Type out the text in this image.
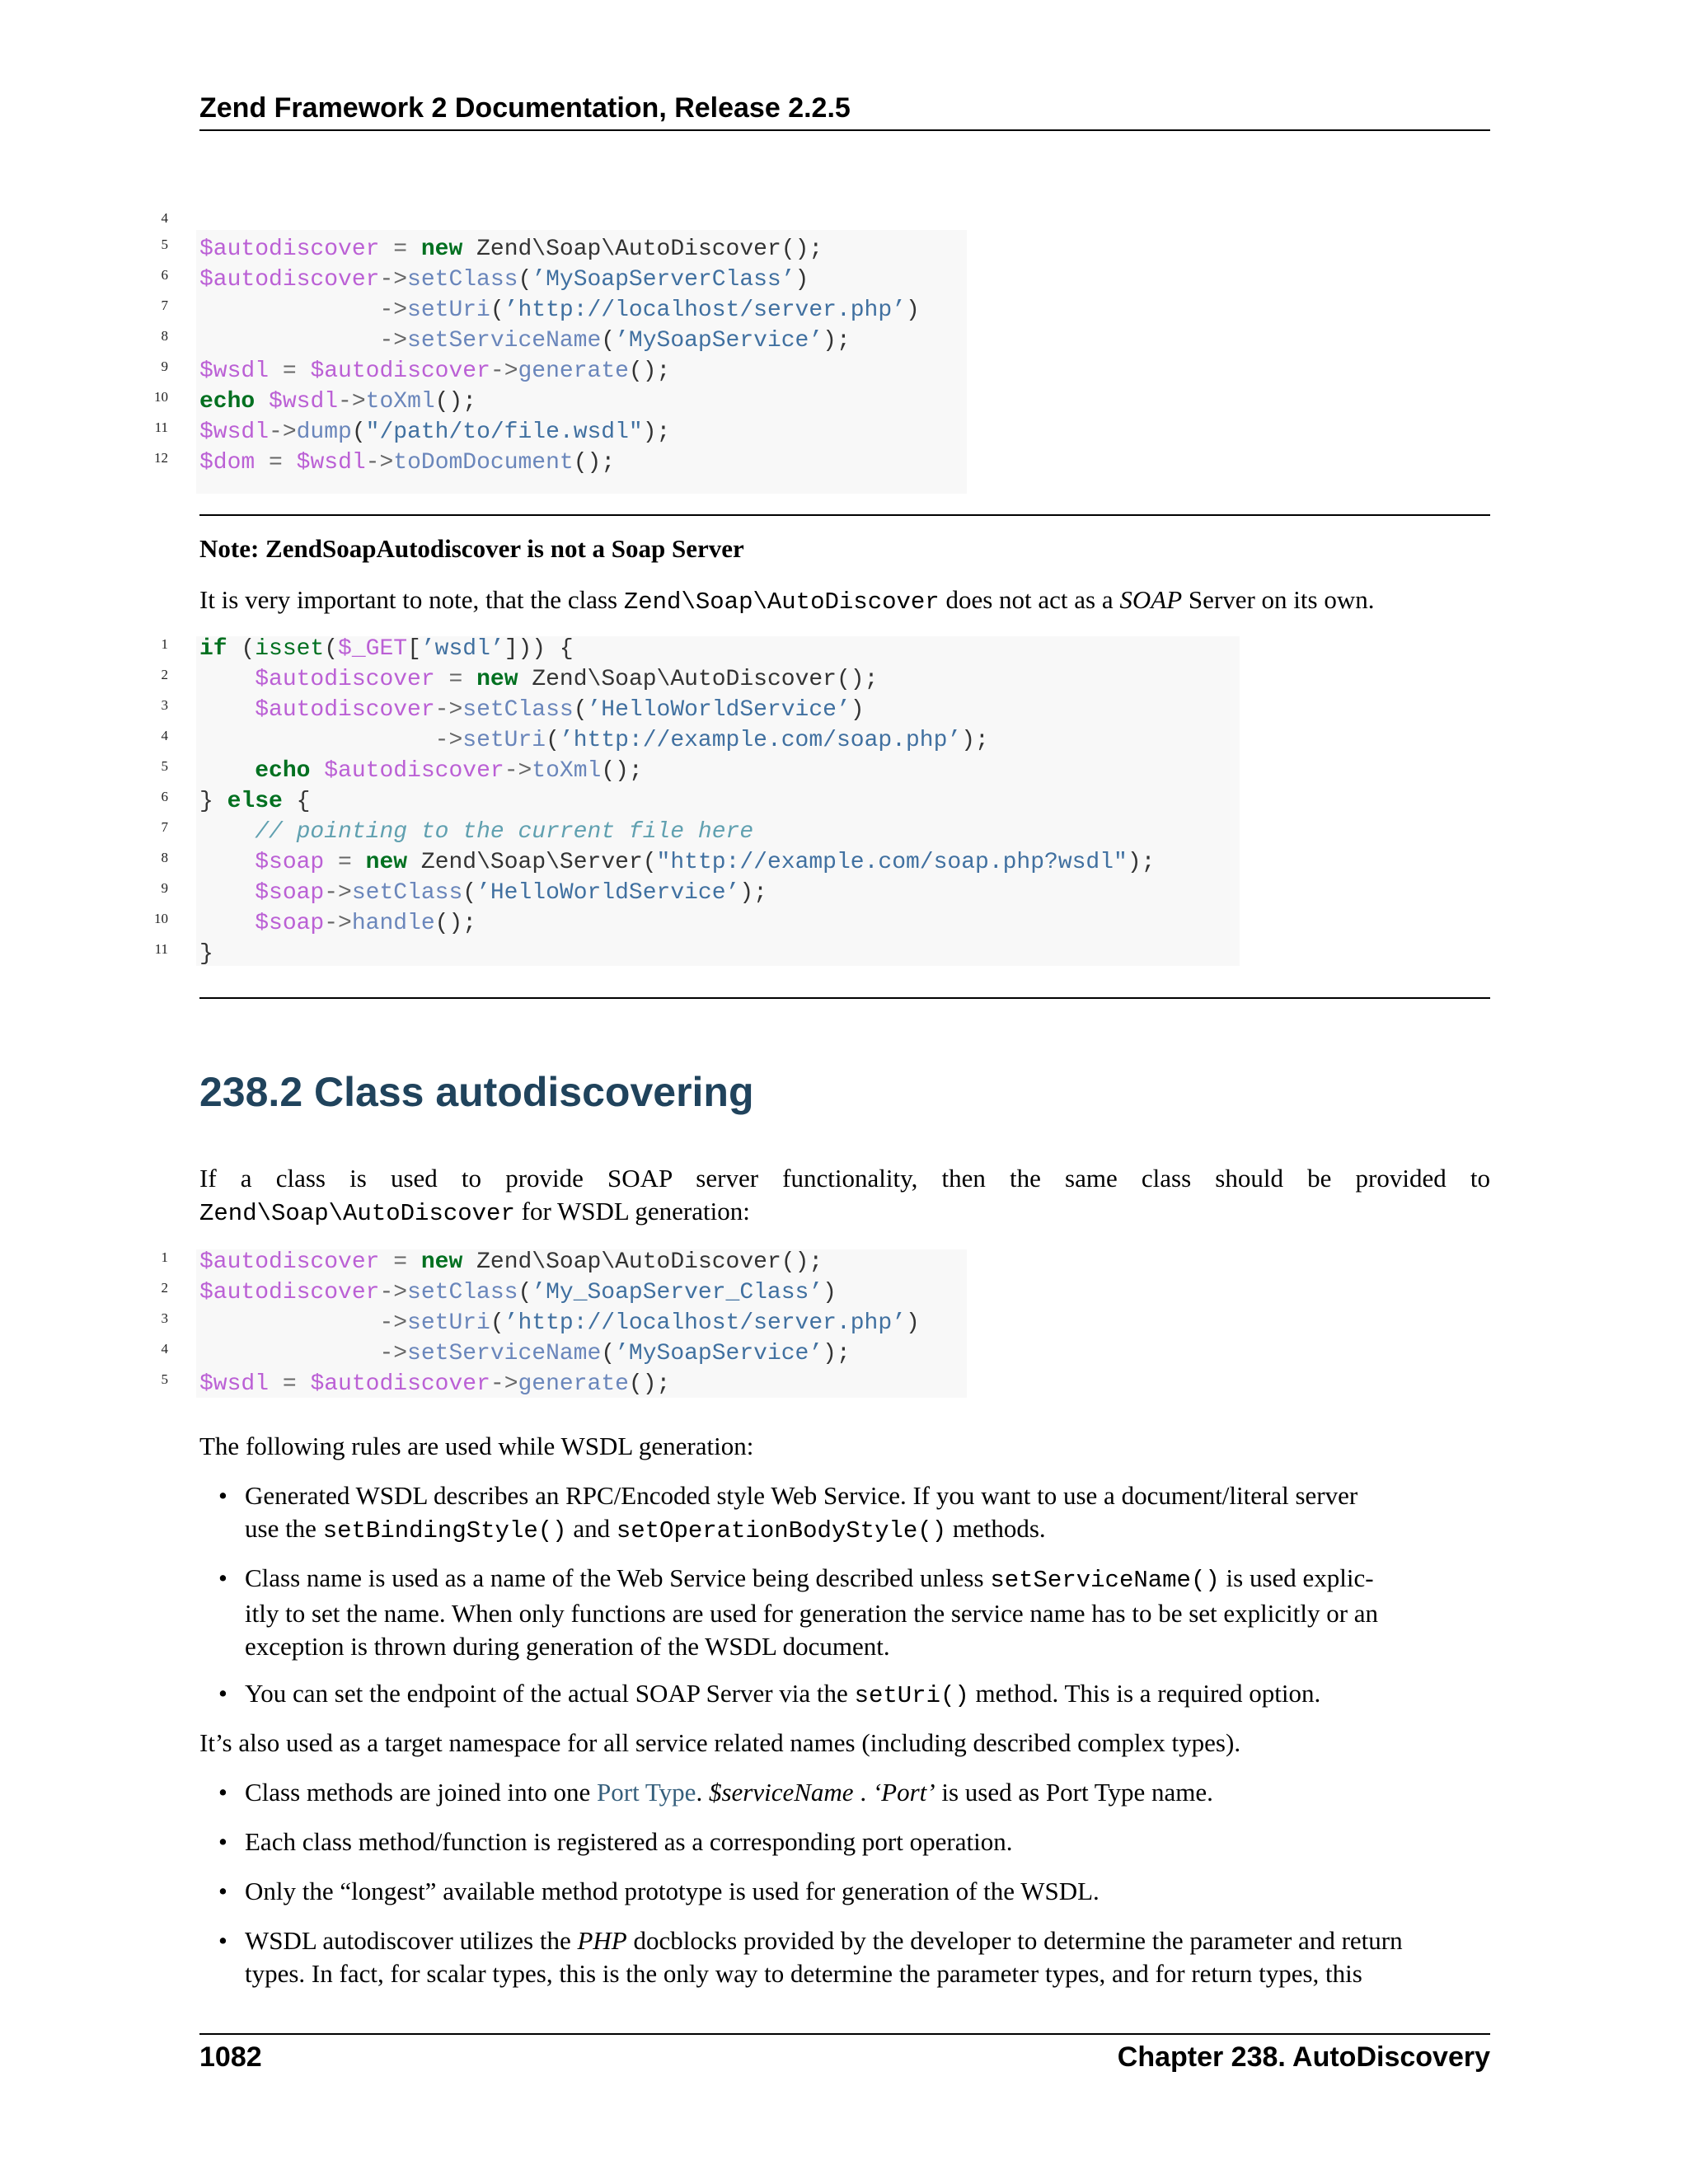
Zend Framework 2 Documentation, Release 2.2.5
4
5 $autodiscover = new Zend\Soap\AutoDiscover();
6 $autodiscover->setClass(’MySoapServerClass’)
7	->setUri(’http://localhost/server.php’)
8	->setServiceName(’MySoapService’);
9 $wsdl = $autodiscover->generate();
10 echo $wsdl->toXml();
11 $wsdl->dump("/path/to/file.wsdl");
12 $dom = $wsdl->toDomDocument();
Note: ZendSoapAutodiscover is not a Soap Server
It is very important to note, that the class Zend\Soap\AutoDiscover does not act as a SOAP Server on its own.
1 if (isset($_GET[’wsdl’])) {
2	$autodiscover = new Zend\Soap\AutoDiscover();
3	$autodiscover->setClass(’HelloWorldService’)
4	->setUri(’http://example.com/soap.php’);
5	echo $autodiscover->toXml();
6 } else {
7	// pointing to the current file here
8	$soap = new Zend\Soap\Server("http://example.com/soap.php?wsdl");
9	$soap->setClass(’HelloWorldService’);
10	$soap->handle();
11 }
238.2 Class autodiscovering
If a class is used to provide SOAP server functionality, then the same class should be provided to
Zend\Soap\AutoDiscover for WSDL generation:
1 $autodiscover = new Zend\Soap\AutoDiscover();
2 $autodiscover->setClass(’My_SoapServer_Class’)
3	->setUri(’http://localhost/server.php’)
4	->setServiceName(’MySoapService’);
5 $wsdl = $autodiscover->generate();
The following rules are used while WSDL generation:
• Generated WSDL describes an RPC/Encoded style Web Service. If you want to use a document/literal server
use the setBindingStyle() and setOperationBodyStyle() methods.
• Class name is used as a name of the Web Service being described unless setServiceName() is used explic-
itly to set the name. When only functions are used for generation the service name has to be set explicitly or an
exception is thrown during generation of the WSDL document.
• You can set the endpoint of the actual SOAP Server via the setUri() method. This is a required option.
It’s also used as a target namespace for all service related names (including described complex types).
• Class methods are joined into one Port Type. $serviceName . ‘Port’ is used as Port Type name.
• Each class method/function is registered as a corresponding port operation.
• Only the “longest” available method prototype is used for generation of the WSDL.
• WSDL autodiscover utilizes the PHP docblocks provided by the developer to determine the parameter and return
types. In fact, for scalar types, this is the only way to determine the parameter types, and for return types, this
1082	Chapter 238. AutoDiscovery
